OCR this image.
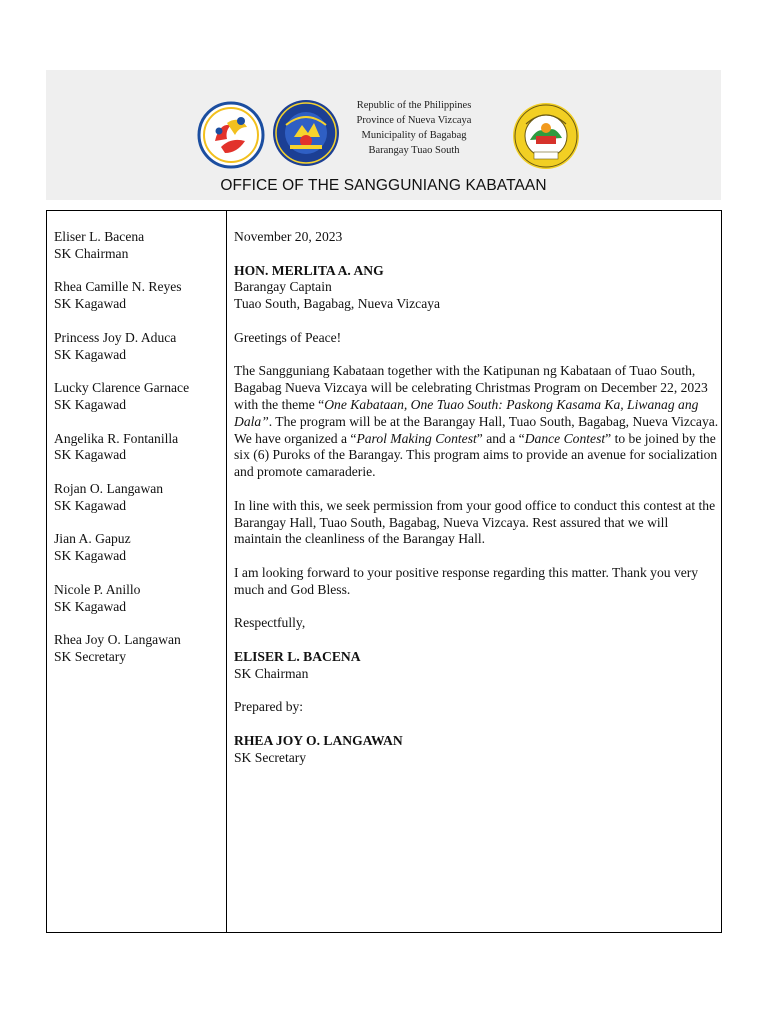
Republic of the Philippines
Province of Nueva Vizcaya
Municipality of Bagabag
Barangay Tuao South
OFFICE OF THE SANGGUNIANG KABATAAN
Eliser L. Bacena
SK Chairman
Rhea Camille N. Reyes
SK Kagawad
Princess Joy D. Aduca
SK Kagawad
Lucky Clarence Garnace
SK Kagawad
Angelika R. Fontanilla
SK Kagawad
Rojan O. Langawan
SK Kagawad
Jian A. Gapuz
SK Kagawad
Nicole P. Anillo
SK Kagawad
Rhea Joy O. Langawan
SK Secretary

November 20, 2023

HON. MERLITA A. ANG
Barangay Captain
Tuao South, Bagabag, Nueva Vizcaya

Greetings of Peace!

The Sangguniang Kabataan together with the Katipunan ng Kabataan of Tuao South, Bagabag Nueva Vizcaya will be celebrating Christmas Program on December 22, 2023 with the theme “One Kabataan, One Tuao South: Paskong Kasama Ka, Liwanag ang Dala”. The program will be at the Barangay Hall, Tuao South, Bagabag, Nueva Vizcaya. We have organized a “Parol Making Contest” and a “Dance Contest” to be joined by the six (6) Puroks of the Barangay. This program aims to provide an avenue for socialization and promote camaraderie.

In line with this, we seek permission from your good office to conduct this contest at the Barangay Hall, Tuao South, Bagabag, Nueva Vizcaya. Rest assured that we will maintain the cleanliness of the Barangay Hall.

I am looking forward to your positive response regarding this matter. Thank you very much and God Bless.

Respectfully,

ELISER L. BACENA
SK Chairman

Prepared by:

RHEA JOY O. LANGAWAN
SK Secretary
